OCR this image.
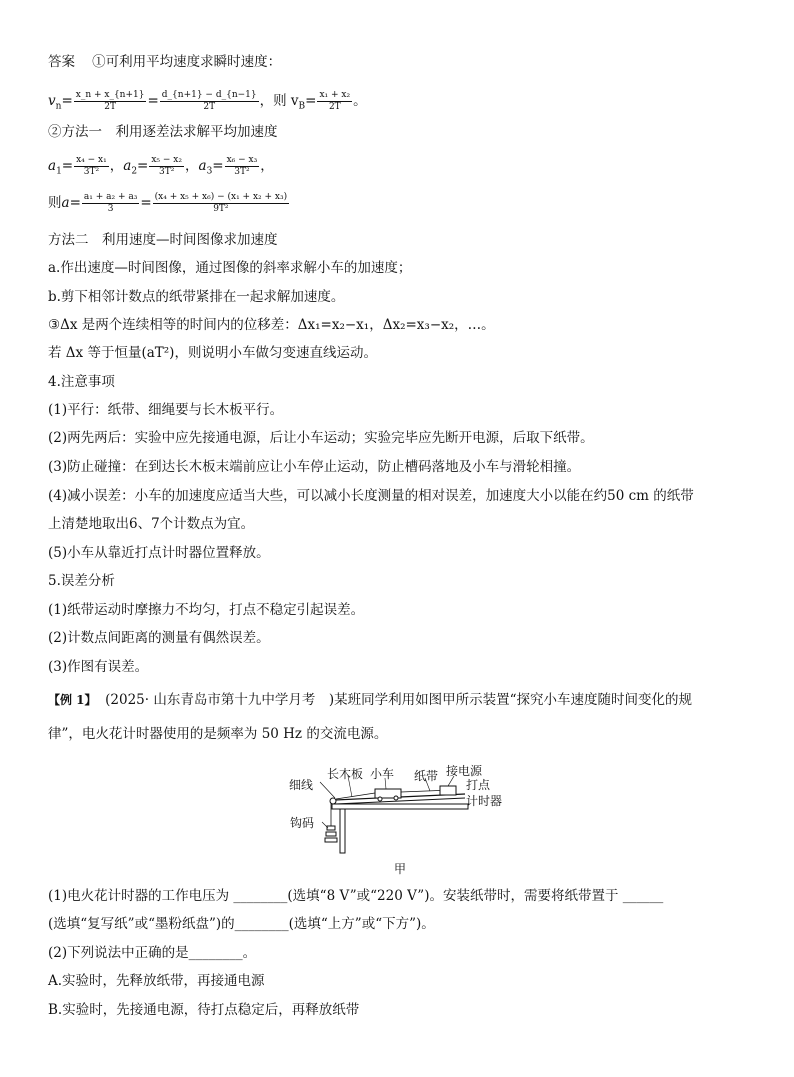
答案 ①可利用平均速度求瞬时速度：
$v_n= \frac{x\_n + x\_\{n+1\}}{2T} = \frac{d\_\{n+1\} - d\_\{n-1\}}{2T}$ ，则 $v_B= \frac{\text{x₁ + x₂}}{2T}$ 。
②方法一　利用逐差法求解平均加速度
$a_1= \frac{\text{x₄ − x₁}}{\text{3T²}}$ ，$a_2= \frac{\text{x₅ − x₂}}{\text{3T²}}$ ，$a_3= \frac{\text{x₆ − x₃}}{\text{3T²}}$ ，
则$a= \frac{\text{a₁ + a₂ + a₃}}{3} = \frac{\text{(x₄ + x₅ + x₆) − (x₁ + x₂ + x₃)}}{\text{9T²}}$
方法二　利用速度—时间图像求加速度
a.作出速度—时间图像，通过图像的斜率求解小车的加速度；
b.剪下相邻计数点的纸带紧排在一起求解加速度。
③Δx 是两个连续相等的时间内的位移差：Δx₁=x₂−x₁，Δx₂=x₃−x₂，…。
若 Δx 等于恒量(aT²)，则说明小车做匀变速直线运动。
4.注意事项
(1)平行：纸带、细绳要与长木板平行。
(2)两先两后：实验中应先接通电源，后让小车运动；实验完毕应先断开电源，后取下纸带。
(3)防止碰撞：在到达长木板末端前应让小车停止运动，防止槽码落地及小车与滑轮相撞。
(4)减小误差：小车的加速度应适当大些，可以减小长度测量的相对误差，加速度大小以能在约50 cm 的纸带
上清楚地取出6、7个计数点为宜。
(5)小车从靠近打点计时器位置释放。
5.误差分析
(1)纸带运动时摩擦力不均匀，打点不稳定引起误差。
(2)计数点间距离的测量有偶然误差。
(3)作图有误差。
【例 1】 (2025· 山东青岛市第十九中学月考　)某班同学利用如图甲所示装置“探究小车速度随时间变化的规
律”，电火花计时器使用的是频率为 50 Hz 的交流电源。
长木板 小车 纸带 接电源
打点
计时器
细线
钩码
甲
(1)电火花计时器的工作电压为 ________(选填“8 V”或“220 V”)。安装纸带时，需要将纸带置于 ______
(选填“复写纸”或“墨粉纸盘”)的________(选填“上方”或“下方”)。
(2)下列说法中正确的是________。
A.实验时，先释放纸带，再接通电源
B.实验时，先接通电源，待打点稳定后，再释放纸带
